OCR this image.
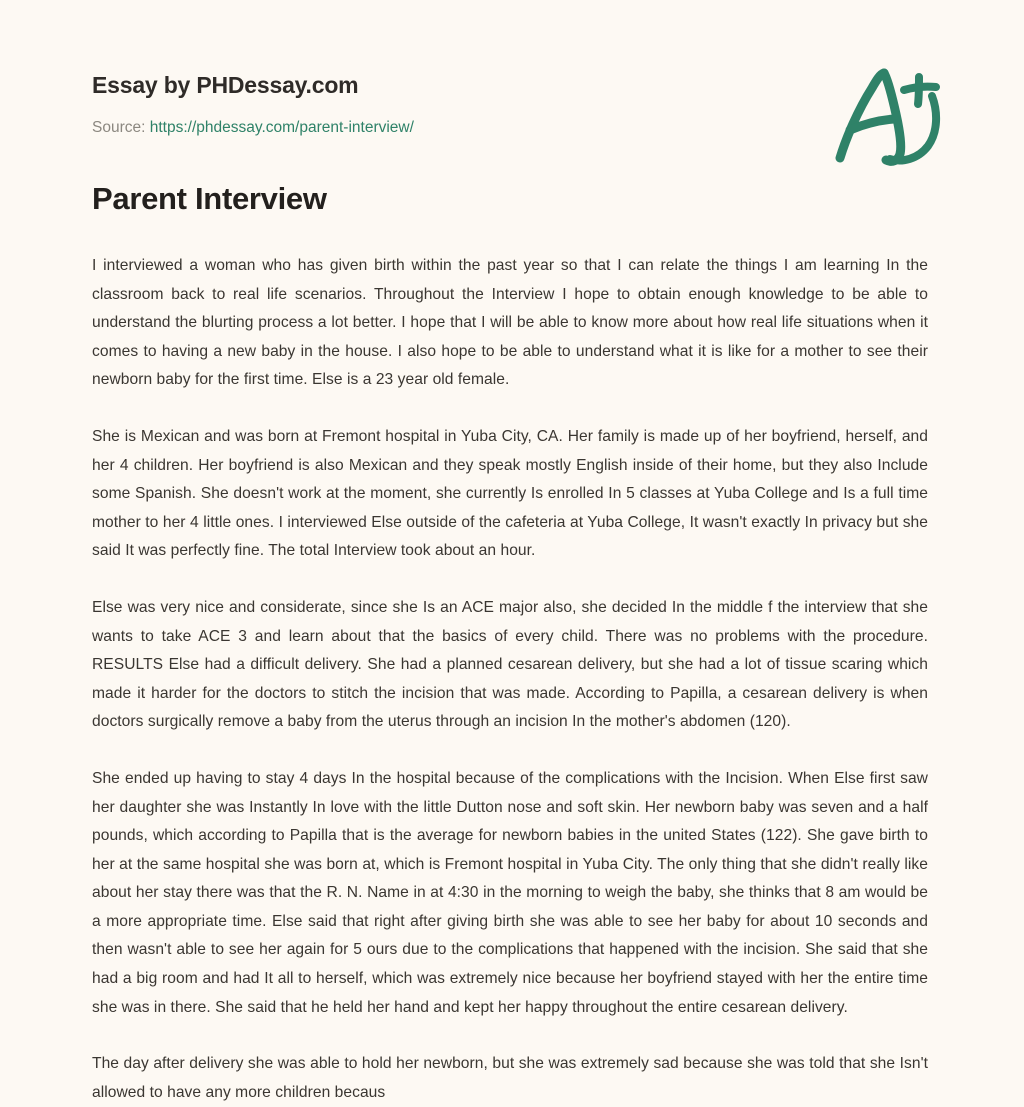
Essay by PHDessay.com
Source: https://phdessay.com/parent-interview/
Parent Interview

I interviewed a woman who has given birth within the past year so that I can relate the things I am learning In the classroom back to real life scenarios. Throughout the Interview I hope to obtain enough knowledge to be able to understand the blurting process a lot better. I hope that I will be able to know more about how real life situations when it comes to having a new baby in the house. I also hope to be able to understand what it is like for a mother to see their newborn baby for the first time. Else is a 23 year old female.

She is Mexican and was born at Fremont hospital in Yuba City, CA. Her family is made up of her boyfriend, herself, and her 4 children. Her boyfriend is also Mexican and they speak mostly English inside of their home, but they also Include some Spanish. She doesn't work at the moment, she currently Is enrolled In 5 classes at Yuba College and Is a full time mother to her 4 little ones. I interviewed Else outside of the cafeteria at Yuba College, It wasn't exactly In privacy but she said It was perfectly fine. The total Interview took about an hour.

Else was very nice and considerate, since she Is an ACE major also, she decided In the middle f the interview that she wants to take ACE 3 and learn about that the basics of every child. There was no problems with the procedure. RESULTS Else had a difficult delivery. She had a planned cesarean delivery, but she had a lot of tissue scaring which made it harder for the doctors to stitch the incision that was made. According to Papilla, a cesarean delivery is when doctors surgically remove a baby from the uterus through an incision In the mother's abdomen (120).

She ended up having to stay 4 days In the hospital because of the complications with the Incision. When Else first saw her daughter she was Instantly In love with the little Dutton nose and soft skin. Her newborn baby was seven and a half pounds, which according to Papilla that is the average for newborn babies in the united States (122). She gave birth to her at the same hospital she was born at, which is Fremont hospital in Yuba City. The only thing that she didn't really like about her stay there was that the R. N. Name in at 4:30 in the morning to weigh the baby, she thinks that 8 am would be a more appropriate time. Else said that right after giving birth she was able to see her baby for about 10 seconds and then wasn't able to see her again for 5 ours due to the complications that happened with the incision. She said that she had a big room and had It all to herself, which was extremely nice because her boyfriend stayed with her the entire time she was in there. She said that he held her hand and kept her happy throughout the entire cesarean delivery.

The day after delivery she was able to hold her newborn, but she was extremely sad because she was told that she Isn't allowed to have any more children becaus
